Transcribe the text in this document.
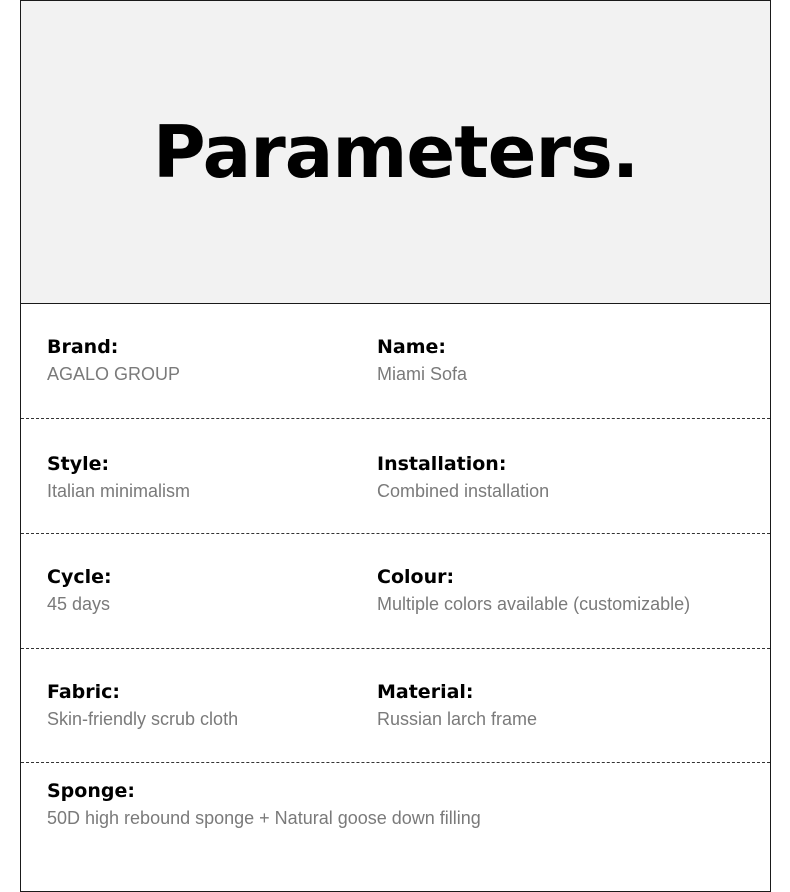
Parameters.
Brand:
AGALO GROUP
Name:
Miami Sofa
Style:
Italian minimalism
Installation:
Combined installation
Cycle:
45 days
Colour:
Multiple colors available (customizable)
Fabric:
Skin-friendly scrub cloth
Material:
Russian larch frame
Sponge:
50D high rebound sponge + Natural goose down filling
